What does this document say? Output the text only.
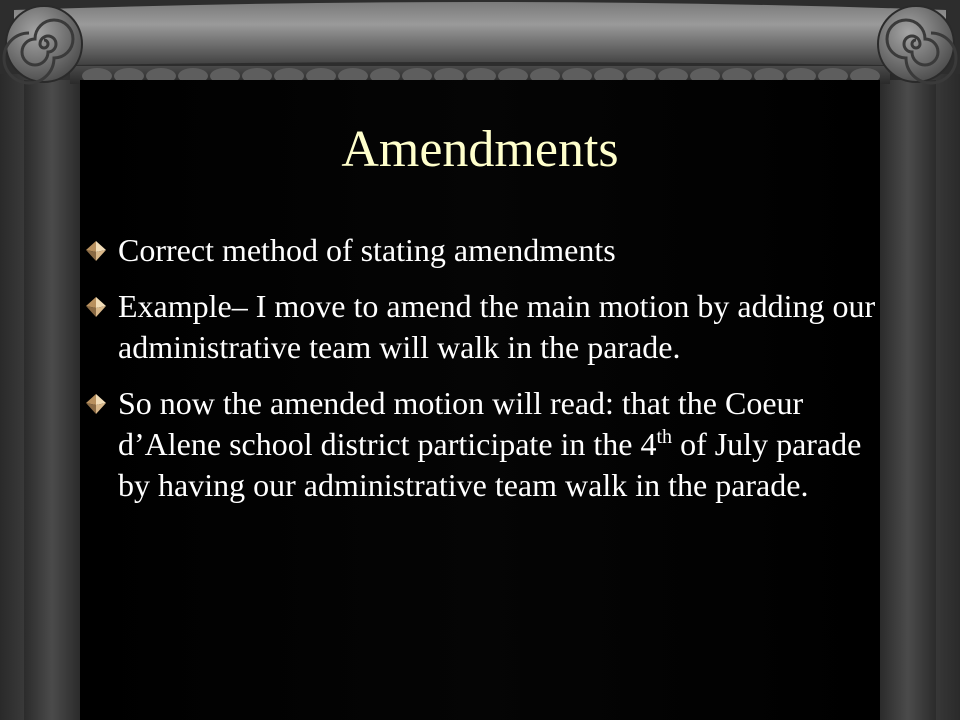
Amendments
Correct method of stating amendments
Example– I move to amend the main motion by adding our administrative team will walk in the parade.
So now the amended motion will read: that the Coeur d’Alene school district participate in the 4th of July parade by having our administrative team walk in the parade.
